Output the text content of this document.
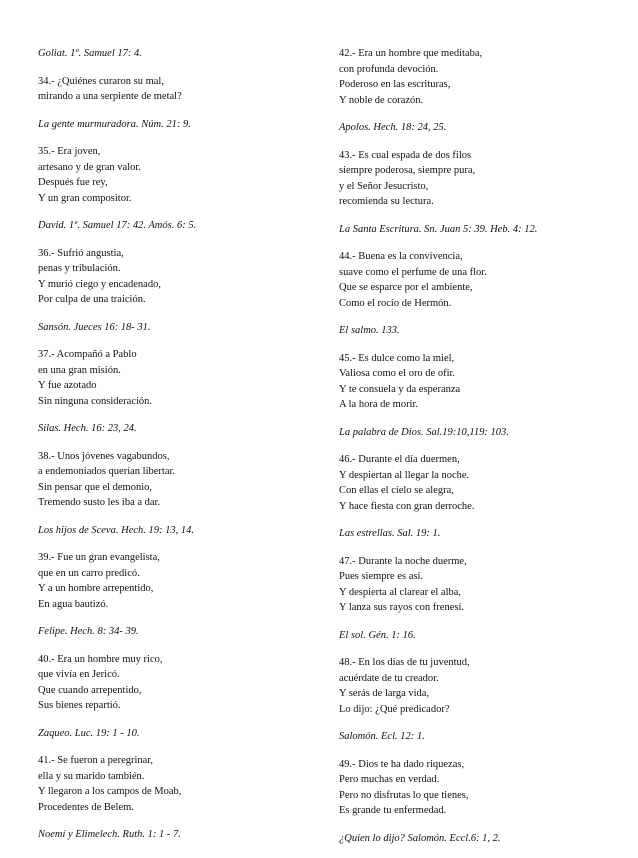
Goliat. 1º. Samuel 17: 4.
34.- ¿Quiénes curaron su mal,
mirando a una serpiente de metal?
La gente murmuradora. Núm. 21: 9.
35.- Era joven,
artesano y de gran valor.
Después fue rey,
Y un gran compositor.
David. 1º. Samuel 17: 42. Amós. 6: 5.
36.- Sufrió angustia,
penas y tribulación.
Y murió ciego y encadenado,
Por culpa de una traición.
Sansón. Jueces 16: 18- 31.
37.- Acompañó a Pablo
en una gran misión.
Y fue azotado
Sin ninguna consideración.
Silas. Hech. 16: 23, 24.
38.- Unos jóvenes vagabundos,
a endemoniados querían libertar.
Sin pensar que el demonio,
Tremendo susto les iba a dar.
Los hijos de Sceva. Hech. 19: 13, 14.
39.- Fue un gran evangelista,
que en un carro predicó.
Y a un hombre arrepentido,
En agua bautizó.
Felipe. Hech. 8: 34- 39.
40.- Era un hombre muy rico,
que vivía en Jericó.
Que cuando arrepentido,
Sus bienes repartió.
Zaqueo. Luc. 19: 1 - 10.
41.- Se fueron a peregrinar,
ella y su marido también.
Y llegaron a los campos de Moab,
Procedentes de Belem.
Noemí y Elimelech. Ruth. 1: 1 - 7.
42.- Era un hombre que meditaba,
con profunda devoción.
Poderoso en las escrituras,
Y noble de corazón.
Apolos. Hech. 18: 24, 25.
43.- Es cual espada de dos filos
siempre poderosa, siempre pura,
y el Señor Jesucristo,
recomienda su lectura.
La Santa Escritura. Sn. Juan 5: 39. Heb. 4: 12.
44.- Buena es la convivencia,
suave como el perfume de una flor.
Que se esparce por el ambiente,
Como el rocío de Hermón.
El salmo. 133.
45.- Es dulce como la miel,
Valiosa como el oro de ofir.
Y te consuela y da esperanza
A la hora de morir.
La palabra de Dios. Sal.19:10,119: 103.
46.- Durante el día duermen,
Y despiertan al llegar la noche.
Con ellas el cielo se alegra,
Y hace fiesta con gran derroche.
Las estrellas. Sal. 19: 1.
47.- Durante la noche duerme,
Pues siempre es así.
Y despierta al clarear el alba,
Y lanza sus rayos con frenesí.
El sol. Gén. 1: 16.
48.- En los días de tu juventud,
acuérdate de tu creador.
Y serás de larga vida,
Lo dijo: ¿Qué predicador?
Salomón. Ecl. 12: 1.
49.- Dios te ha dado riquezas,
Pero muchas en verdad.
Pero no disfrutas lo que tienes,
Es grande tu enfermedad.
¿Quien lo dijo? Salomón. Eccl.6: 1, 2.
